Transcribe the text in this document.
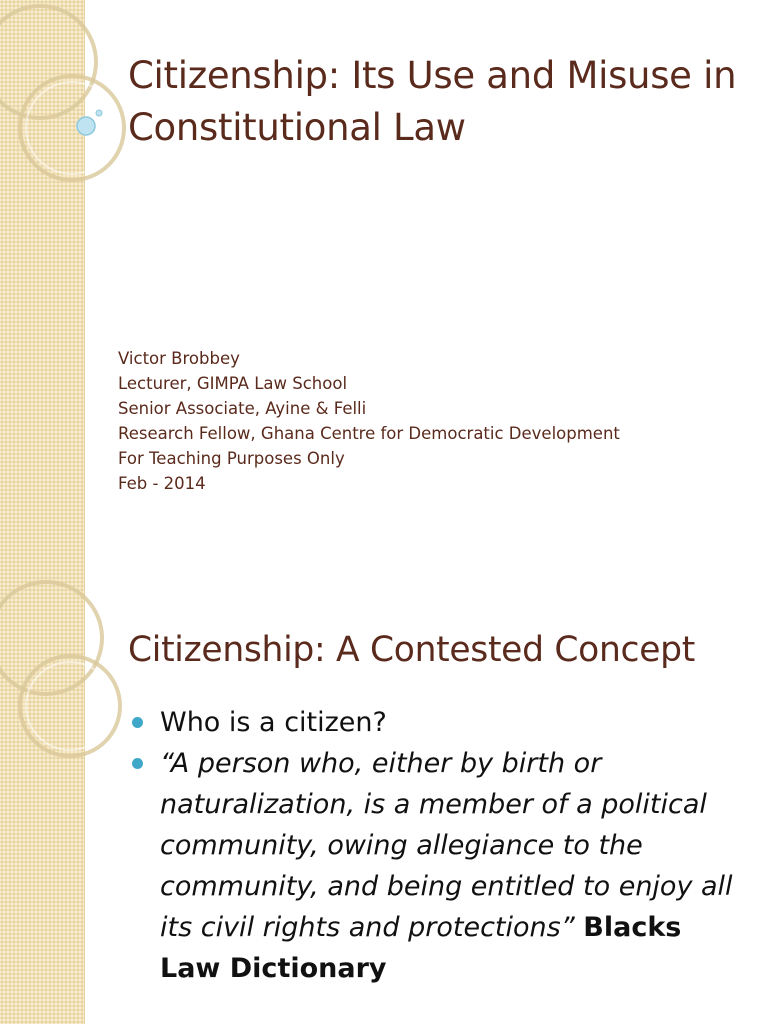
Citizenship: Its Use and Misuse in Constitutional Law
Victor Brobbey
Lecturer, GIMPA Law School
Senior Associate, Ayine & Felli
Research Fellow, Ghana Centre for Democratic Development
For Teaching Purposes Only
Feb - 2014
Citizenship: A Contested Concept
Who is a citizen?
“A person who, either by birth or naturalization, is a member of a political community, owing allegiance to the community, and being entitled to enjoy all its civil rights and protections” Blacks Law Dictionary
